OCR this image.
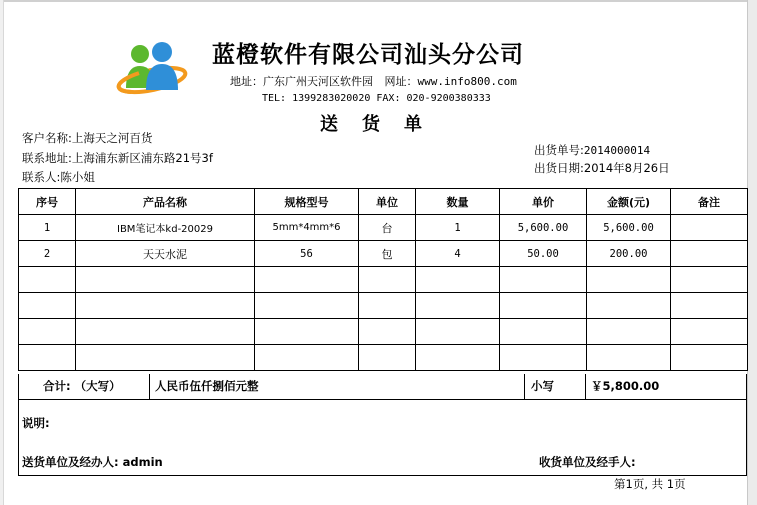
蓝橙软件有限公司汕头分公司
地址：广东广州天河区软件园 网址：www.info800.com
TEL: 1399283020020 FAX: 020-9200380333
送货单
客户名称:上海天之河百货
联系地址:上海浦东新区浦东路21号3f
联系人:陈小姐
出货单号:2014000014
出货日期:2014年8月26日
序号	产品名称	规格型号	单位	数量	单价	金额(元)	备注
1	IBM笔记本kd-20029	5mm*4mm*6	台	1	5,600.00	5,600.00	
2	天天水泥	56	包	4	50.00	200.00	

合计: （大写）	人民币伍仟捌佰元整	小写	￥5,800.00
说明:
送货单位及经办人: admin	收货单位及经手人:
第1页, 共 1页
